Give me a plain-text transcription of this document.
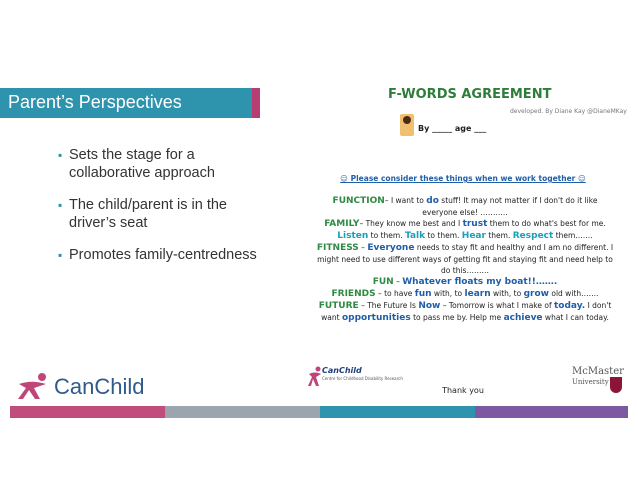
Parent’s Perspectives
▪ Sets the stage for a collaborative approach
▪ The child/parent is in the driver’s seat
▪ Promotes family-centredness
CanChild
F-WORDS AGREEMENT
developed. By Diane Kay @DianeMKay
By _____ age ___
☺ Please consider these things when we work together ☺
FUNCTION– I want to do stuff! It may not matter if I don't do it like everyone else! ………..
FAMILY– They know me best and I trust them to do what's best for me. Listen to them. Talk to them. Hear them. Respect them…….
FITNESS – Everyone needs to stay fit and healthy and I am no different. I might need to use different ways of getting fit and staying fit and need help to do this………
FUN – Whatever floats my boat!!…….
FRIENDS – to have fun with, to learn with, to grow old with…….
FUTURE – The Future Is Now – Tomorrow is what I make of today. I don't want opportunities to pass me by. Help me achieve what I can today.
CanChild
Centre for Childhood Disability Research
Thank you
McMaster
University
